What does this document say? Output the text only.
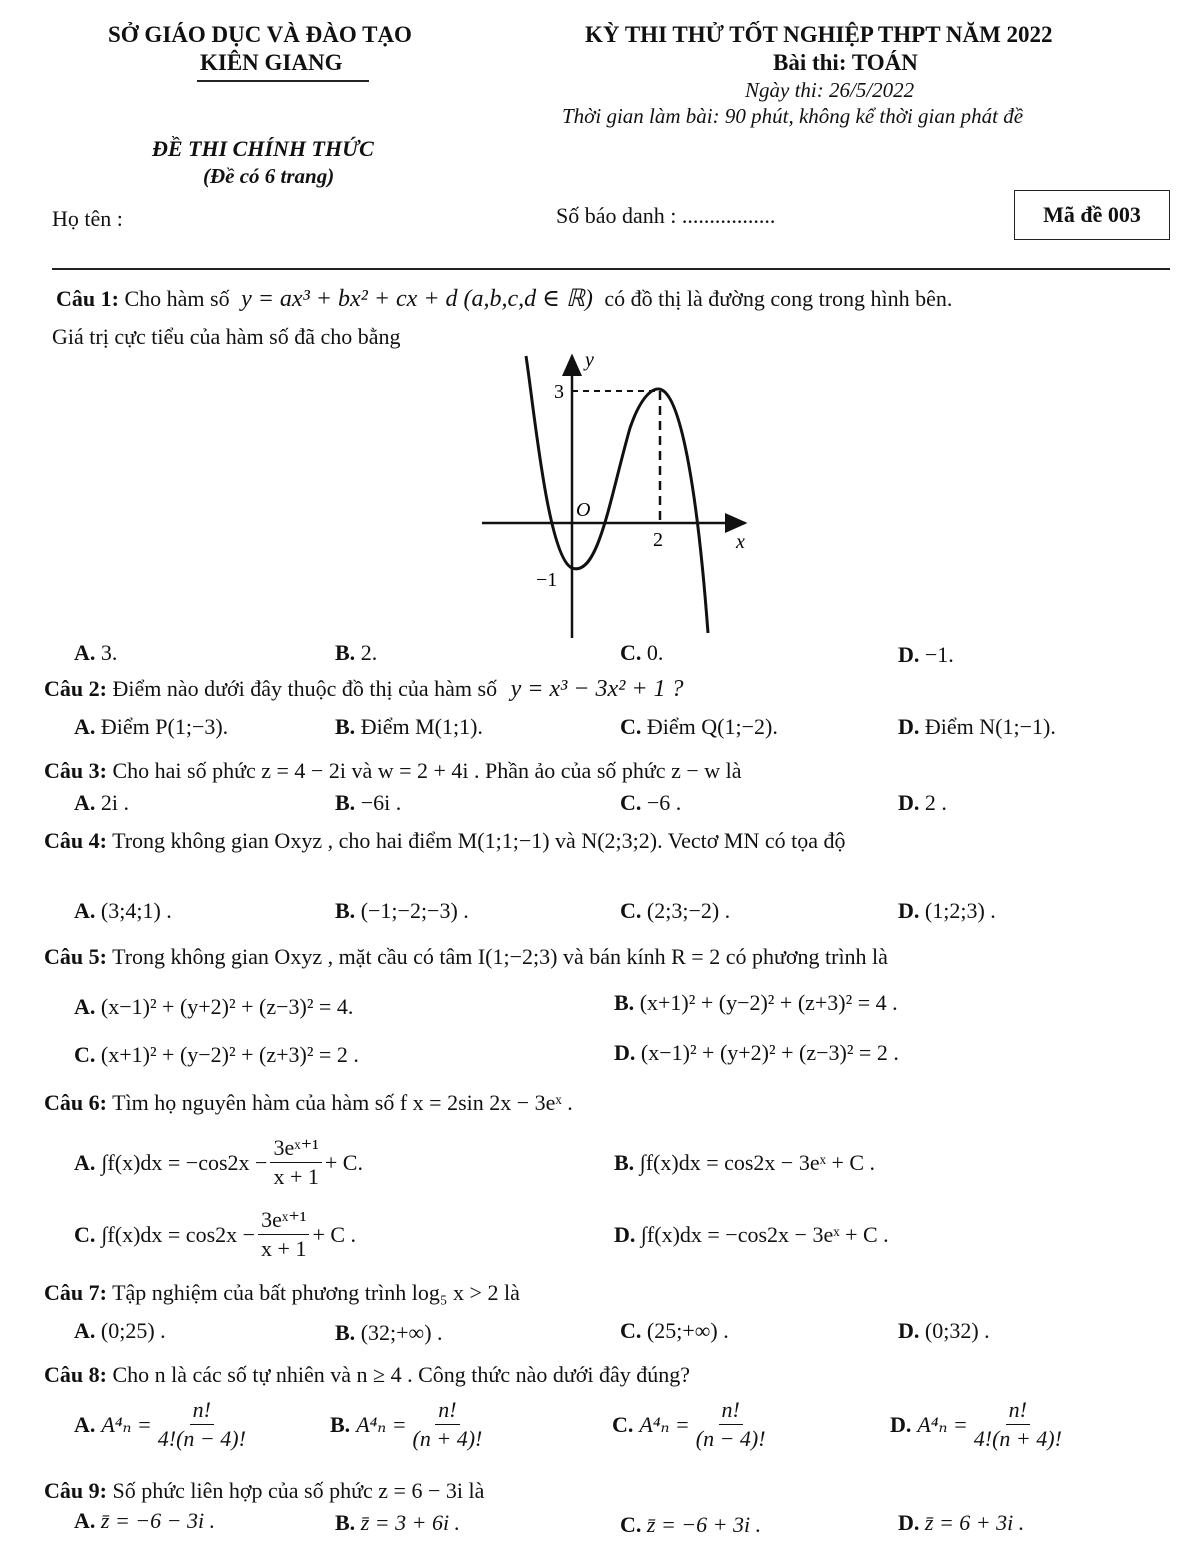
SỞ GIÁO DỤC VÀ ĐÀO TẠO
KIÊN GIANG
KỲ THI THỬ TỐT NGHIỆP THPT NĂM 2022
Bài thi: TOÁN
Ngày thi: 26/5/2022
Thời gian làm bài: 90 phút, không kể thời gian phát đề
ĐỀ THI CHÍNH THỨC
(Đề có 6 trang)
Họ tên :	Số báo danh : .................	Mã đề 003
Câu 1: Cho hàm số y = ax³ + bx² + cx + d (a,b,c,d ∈ ℝ) có đồ thị là đường cong trong hình bên.
Giá trị cực tiểu của hàm số đã cho bằng
y
x
O
3
−1
2
A. 3.	B. 2.	C. 0.	D. −1.
Câu 2: Điểm nào dưới đây thuộc đồ thị của hàm số y = x³ − 3x² + 1 ?
A. Điểm P(1;−3).	B. Điểm M(1;1).	C. Điểm Q(1;−2).	D. Điểm N(1;−1).
Câu 3: Cho hai số phức z = 4 − 2i và w = 2 + 4i . Phần ảo của số phức z − w là
A. 2i .	B. −6i .	C. −6 .	D. 2 .
Câu 4: Trong không gian Oxyz , cho hai điểm M(1;1;−1) và N(2;3;2). Vectơ MN có tọa độ
A. (3;4;1) .	B. (−1;−2;−3) .	C. (2;3;−2) .	D. (1;2;3) .
Câu 5: Trong không gian Oxyz , mặt cầu có tâm I(1;−2;3) và bán kính R = 2 có phương trình là
A. (x−1)² + (y+2)² + (z−3)² = 4.	B. (x+1)² + (y−2)² + (z+3)² = 4 .
C. (x+1)² + (y−2)² + (z+3)² = 2 .	D. (x−1)² + (y+2)² + (z−3)² = 2 .
Câu 6: Tìm họ nguyên hàm của hàm số f x = 2sin 2x − 3eˣ .
A. $\int f(x)dx = -\cos 2x - \frac{\text{3eˣ⁺¹}}{x + 1} + C$.	B. ∫f(x)dx = cos2x − 3eˣ + C .
C. $\int f(x)dx = \cos 2x - \frac{\text{3eˣ⁺¹}}{x + 1} + C$ .	D. ∫f(x)dx = −cos2x − 3eˣ + C .
Câu 7: Tập nghiệm của bất phương trình log₅ x > 2 là
A. (0;25) .	B. (32;+∞) .	C. (25;+∞) .	D. (0;32) .
Câu 8: Cho n là các số tự nhiên và n ≥ 4 . Công thức nào dưới đây đúng?
A. $A^4_n = \frac{n!}{4!(n - 4)!}$	B. $A^4_n = \frac{n!}{(n + 4)!}$	C. $A^4_n = \frac{n!}{(n - 4)!}$	D. $A^4_n = \frac{n!}{4!(n + 4)!}$
Câu 9: Số phức liên hợp của số phức z = 6 − 3i là
A. z̄ = −6 − 3i .	B. z̄ = 3 + 6i .	C. z̄ = −6 + 3i .	D. z̄ = 6 + 3i .
